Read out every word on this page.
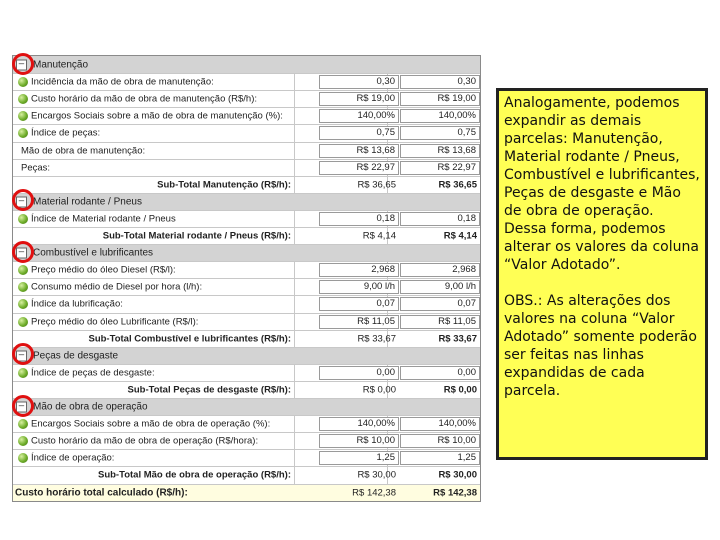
– Manutenção
Incidência da mão de obra de manutenção:	0,30	0,30
Custo horário da mão de obra de manutenção (R$/h):	R$ 19,00	R$ 19,00
Encargos Sociais sobre a mão de obra de manutenção (%):	140,00%	140,00%
Índice de peças:	0,75	0,75
Mão de obra de manutenção:	R$ 13,68	R$ 13,68
Peças:	R$ 22,97	R$ 22,97
Sub-Total Manutenção (R$/h):	R$ 36,65	R$ 36,65
– Material rodante / Pneus
Índice de Material rodante / Pneus	0,18	0,18
Sub-Total Material rodante / Pneus (R$/h):	R$ 4,14	R$ 4,14
– Combustível e lubrificantes
Preço médio do óleo Diesel (R$/l):	2,968	2,968
Consumo médio de Diesel por hora (l/h):	9,00 l/h	9,00 l/h
Índice da lubrificação:	0,07	0,07
Preço médio do óleo Lubrificante (R$/l):	R$ 11,05	R$ 11,05
Sub-Total Combustível e lubrificantes (R$/h):	R$ 33,67	R$ 33,67
– Peças de desgaste
Índice de peças de desgaste:	0,00	0,00
Sub-Total Peças de desgaste (R$/h):	R$ 0,00	R$ 0,00
– Mão de obra de operação
Encargos Sociais sobre a mão de obra de operação (%):	140,00%	140,00%
Custo horário da mão de obra de operação (R$/hora):	R$ 10,00	R$ 10,00
Índice de operação:	1,25	1,25
Sub-Total Mão de obra de operação (R$/h):	R$ 30,00	R$ 30,00
Custo horário total calculado (R$/h):	R$ 142,38	R$ 142,38

Analogamente, podemos expandir as demais parcelas: Manutenção, Material rodante / Pneus, Combustível e lubrificantes, Peças de desgaste e Mão de obra de operação. Dessa forma, podemos alterar os valores da coluna “Valor Adotado”.

OBS.: As alterações dos valores na coluna “Valor Adotado” somente poderão ser feitas nas linhas expandidas de cada parcela.
